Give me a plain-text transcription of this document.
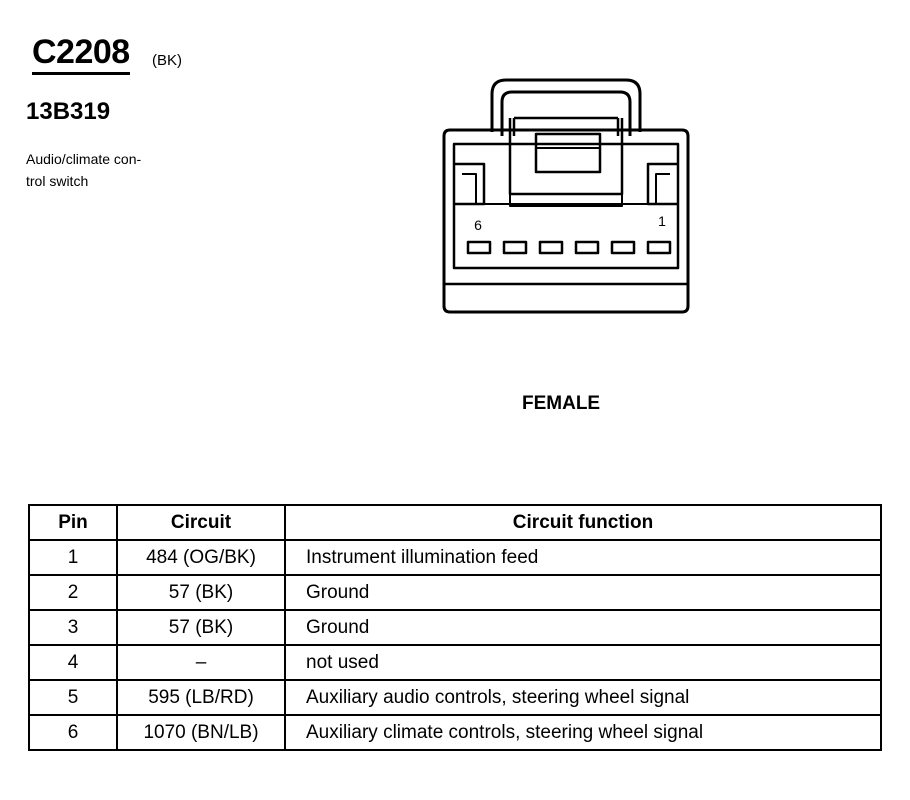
C2208 (BK)
13B319
Audio/climate con-
trol switch
6	1
FEMALE
Pin	Circuit	Circuit function
1	484 (OG/BK)	Instrument illumination feed
2	57 (BK)	Ground
3	57 (BK)	Ground
4	–	not used
5	595 (LB/RD)	Auxiliary audio controls, steering wheel signal
6	1070 (BN/LB)	Auxiliary climate controls, steering wheel signal
